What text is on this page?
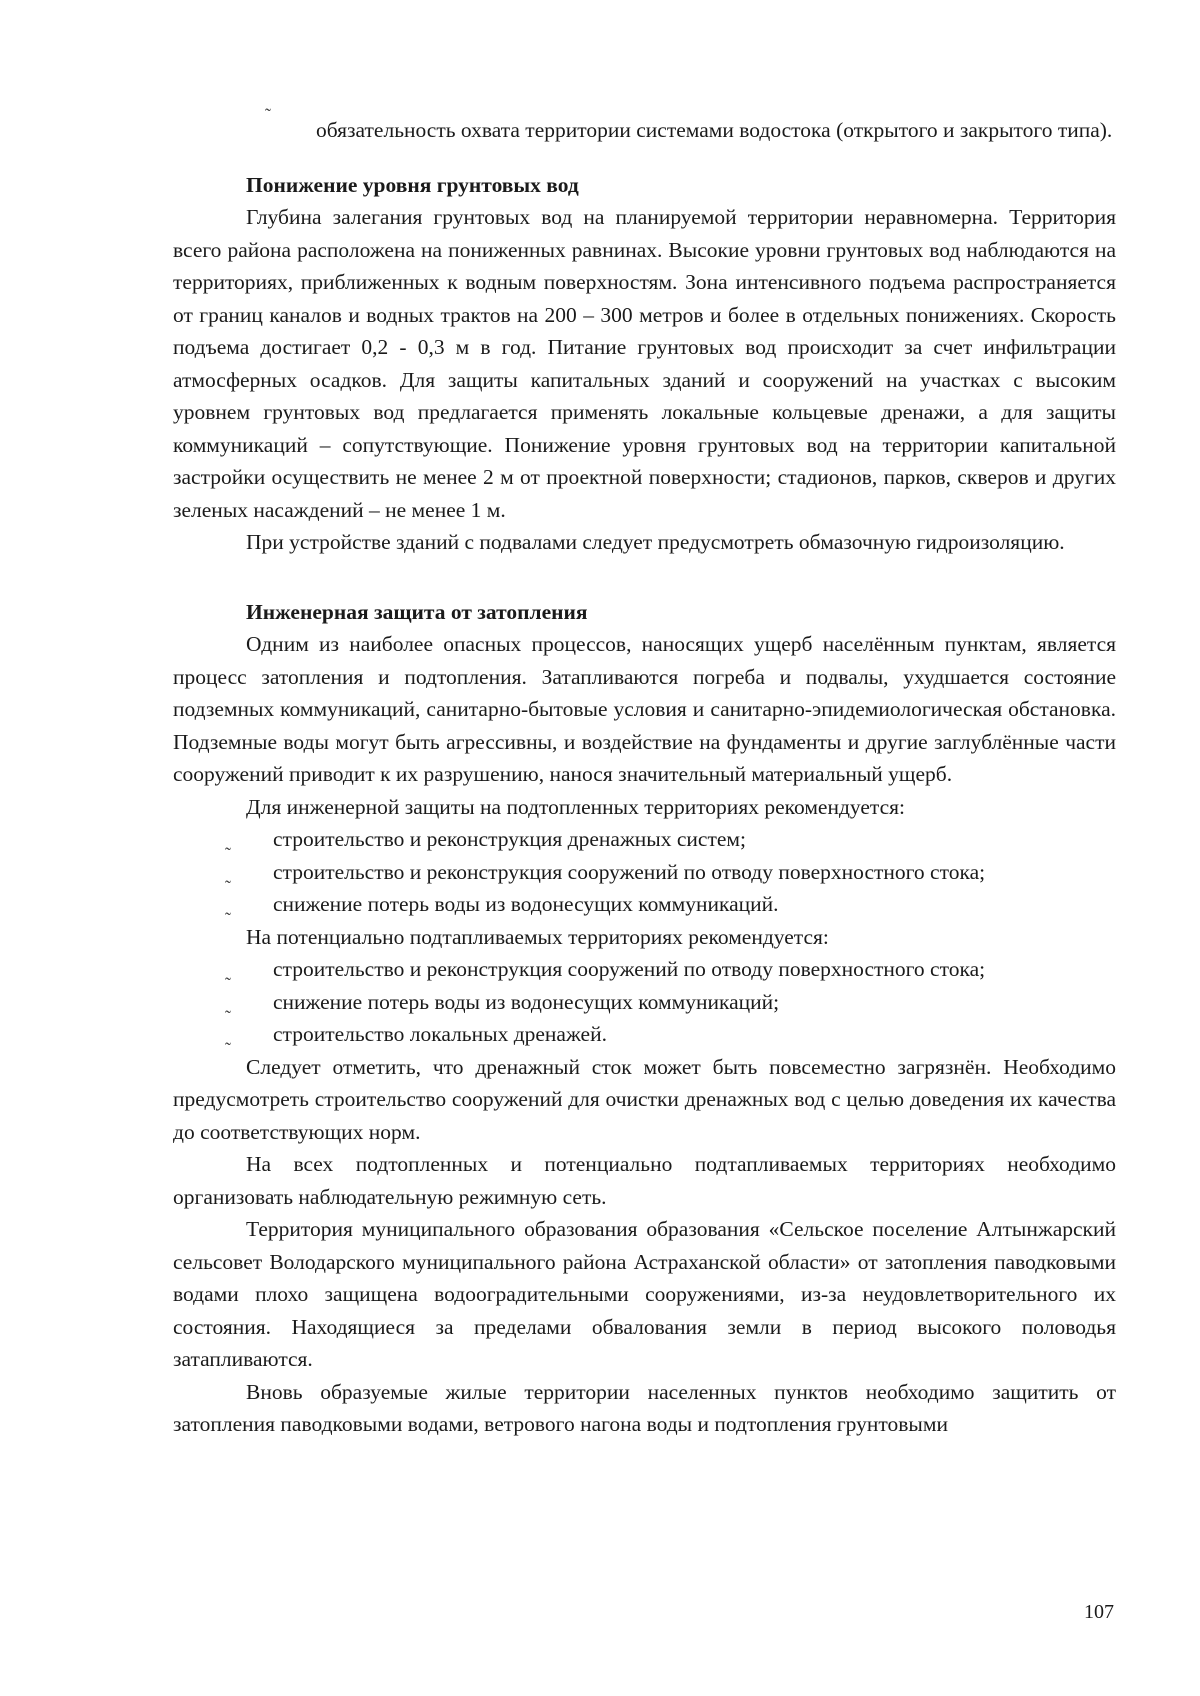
˜
обязательность охвата территории системами водостока (открытого и закрытого типа).

Понижение уровня грунтовых вод

Глубина залегания грунтовых вод на планируемой территории неравномерна. Территория всего района расположена на пониженных равнинах. Высокие уровни грунтовых вод наблюдаются на территориях, приближенных к водным поверхностям. Зона интенсивного подъема распространяется от границ каналов и водных трактов на 200 – 300 метров и более в отдельных понижениях. Скорость подъема достигает 0,2 - 0,3 м в год. Питание грунтовых вод происходит за счет инфильтрации атмосферных осадков. Для защиты капитальных зданий и сооружений на участках с высоким уровнем грунтовых вод предлагается применять локальные кольцевые дренажи, а для защиты коммуникаций – сопутствующие. Понижение уровня грунтовых вод на территории капитальной застройки осуществить не менее 2 м от проектной поверхности; стадионов, парков, скверов и других зеленых насаждений – не менее 1 м.

При устройстве зданий с подвалами следует предусмотреть обмазочную гидроизоляцию.

Инженерная защита от затопления

Одним из наиболее опасных процессов, наносящих ущерб населённым пунктам, является процесс затопления и подтопления. Затапливаются погреба и подвалы, ухудшается состояние подземных коммуникаций, санитарно-бытовые условия и санитарно-эпидемиологическая обстановка. Подземные воды могут быть агрессивны, и воздействие на фундаменты и другие заглублённые части сооружений приводит к их разрушению, нанося значительный материальный ущерб.

Для инженерной защиты на подтопленных территориях рекомендуется:
˜
строительство и реконструкция дренажных систем;
˜
строительство и реконструкция сооружений по отводу поверхностного стока;
˜
снижение потерь воды из водонесущих коммуникаций.
На потенциально подтапливаемых территориях рекомендуется:
˜
строительство и реконструкция сооружений по отводу поверхностного стока;
˜
снижение потерь воды из водонесущих коммуникаций;
˜
строительство локальных дренажей.

Следует отметить, что дренажный сток может быть повсеместно загрязнён. Необходимо предусмотреть строительство сооружений для очистки дренажных вод с целью доведения их качества до соответствующих норм.

На всех подтопленных и потенциально подтапливаемых территориях необходимо организовать наблюдательную режимную сеть.

Территория муниципального образования образования «Сельское поселение Алтынжарский сельсовет Володарского муниципального района Астраханской области» от затопления паводковыми водами плохо защищена водооградительными сооружениями, из-за неудовлетворительного их состояния. Находящиеся за пределами обвалования земли в период высокого половодья затапливаются.

Вновь образуемые жилые территории населенных пунктов необходимо защитить от затопления паводковыми водами, ветрового нагона воды и подтопления грунтовыми

107
